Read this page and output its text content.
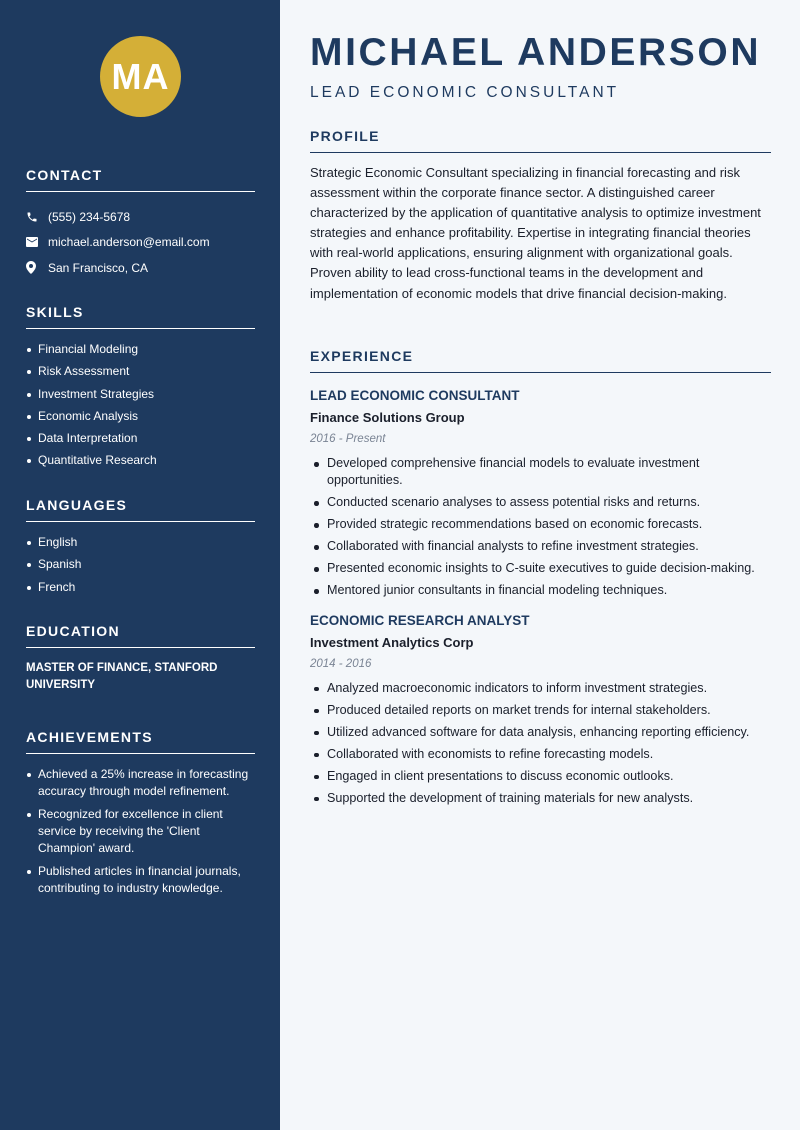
MA
CONTACT
(555) 234-5678
michael.anderson@email.com
San Francisco, CA
SKILLS
Financial Modeling
Risk Assessment
Investment Strategies
Economic Analysis
Data Interpretation
Quantitative Research
LANGUAGES
English
Spanish
French
EDUCATION
MASTER OF FINANCE, STANFORD UNIVERSITY
ACHIEVEMENTS
Achieved a 25% increase in forecasting accuracy through model refinement.
Recognized for excellence in client service by receiving the 'Client Champion' award.
Published articles in financial journals, contributing to industry knowledge.
MICHAEL ANDERSON
LEAD ECONOMIC CONSULTANT
PROFILE

Strategic Economic Consultant specializing in financial forecasting and risk assessment within the corporate finance sector. A distinguished career characterized by the application of quantitative analysis to optimize investment strategies and enhance profitability. Expertise in integrating financial theories with real-world applications, ensuring alignment with organizational goals. Proven ability to lead cross-functional teams in the development and implementation of economic models that drive financial decision-making.

EXPERIENCE
LEAD ECONOMIC CONSULTANT
Finance Solutions Group
2016 - Present
Developed comprehensive financial models to evaluate investment opportunities.
Conducted scenario analyses to assess potential risks and returns.
Provided strategic recommendations based on economic forecasts.
Collaborated with financial analysts to refine investment strategies.
Presented economic insights to C-suite executives to guide decision-making.
Mentored junior consultants in financial modeling techniques.
ECONOMIC RESEARCH ANALYST
Investment Analytics Corp
2014 - 2016
Analyzed macroeconomic indicators to inform investment strategies.
Produced detailed reports on market trends for internal stakeholders.
Utilized advanced software for data analysis, enhancing reporting efficiency.
Collaborated with economists to refine forecasting models.
Engaged in client presentations to discuss economic outlooks.
Supported the development of training materials for new analysts.
